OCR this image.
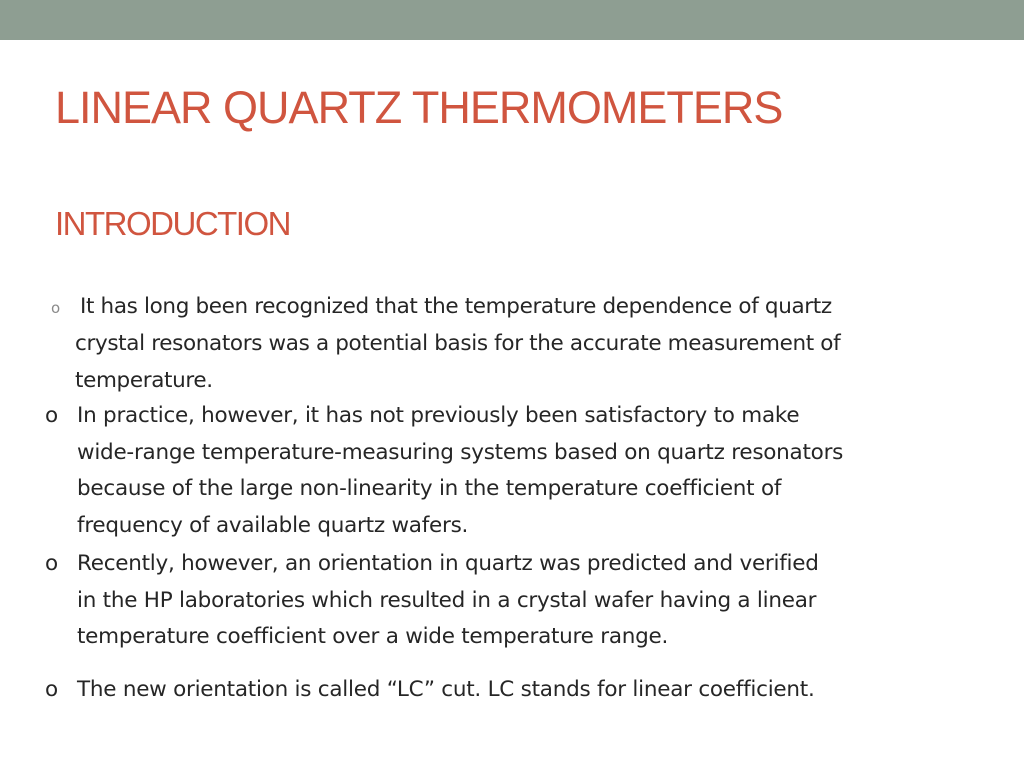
LINEAR QUARTZ THERMOMETERS
INTRODUCTION
o It has long been recognized that the temperature dependence of quartz
crystal resonators was a potential basis for the accurate measurement of
temperature.
o In practice, however, it has not previously been satisfactory to make
wide-range temperature-measuring systems based on quartz resonators
because of the large non-linearity in the temperature coefficient of
frequency of available quartz wafers.
o Recently, however, an orientation in quartz was predicted and verified
in the HP laboratories which resulted in a crystal wafer having a linear
temperature coefficient over a wide temperature range.
o The new orientation is called “LC” cut. LC stands for linear coefficient.
